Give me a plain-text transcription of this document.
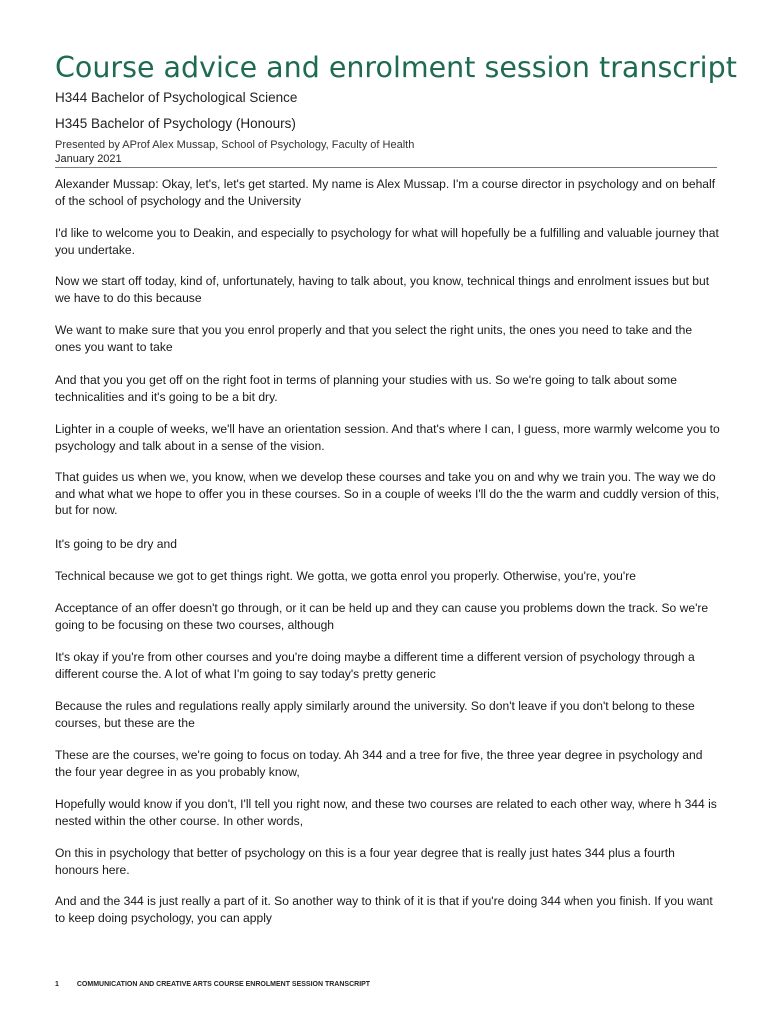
Course advice and enrolment session transcript
H344 Bachelor of Psychological Science
H345 Bachelor of Psychology (Honours)
Presented by AProf Alex Mussap, School of Psychology, Faculty of Health
January 2021

Alexander Mussap: Okay, let's, let's get started. My name is Alex Mussap. I'm a course director in psychology and on behalf of the school of psychology and the University

I'd like to welcome you to Deakin, and especially to psychology for what will hopefully be a fulfilling and valuable journey that you undertake.

Now we start off today, kind of, unfortunately, having to talk about, you know, technical things and enrolment issues but but we have to do this because

We want to make sure that you you enrol properly and that you select the right units, the ones you need to take and the ones you want to take

And that you you get off on the right foot in terms of planning your studies with us. So we're going to talk about some technicalities and it's going to be a bit dry.

Lighter in a couple of weeks, we'll have an orientation session. And that's where I can, I guess, more warmly welcome you to psychology and talk about in a sense of the vision.

That guides us when we, you know, when we develop these courses and take you on and why we train you. The way we do and what what we hope to offer you in these courses. So in a couple of weeks I'll do the the warm and cuddly version of this, but for now.

It's going to be dry and

Technical because we got to get things right. We gotta, we gotta enrol you properly. Otherwise, you're, you're

Acceptance of an offer doesn't go through, or it can be held up and they can cause you problems down the track. So we're going to be focusing on these two courses, although

It's okay if you're from other courses and you're doing maybe a different time a different version of psychology through a different course the. A lot of what I'm going to say today's pretty generic

Because the rules and regulations really apply similarly around the university. So don't leave if you don't belong to these courses, but these are the

These are the courses, we're going to focus on today. Ah 344 and a tree for five, the three year degree in psychology and the four year degree in as you probably know,

Hopefully would know if you don't, I'll tell you right now, and these two courses are related to each other way, where h 344 is nested within the other course. In other words,

On this in psychology that better of psychology on this is a four year degree that is really just hates 344 plus a fourth honours here.

And and the 344 is just really a part of it. So another way to think of it is that if you're doing 344 when you finish. If you want to keep doing psychology, you can apply

1	COMMUNICATION AND CREATIVE ARTS COURSE ENROLMENT SESSION TRANSCRIPT
